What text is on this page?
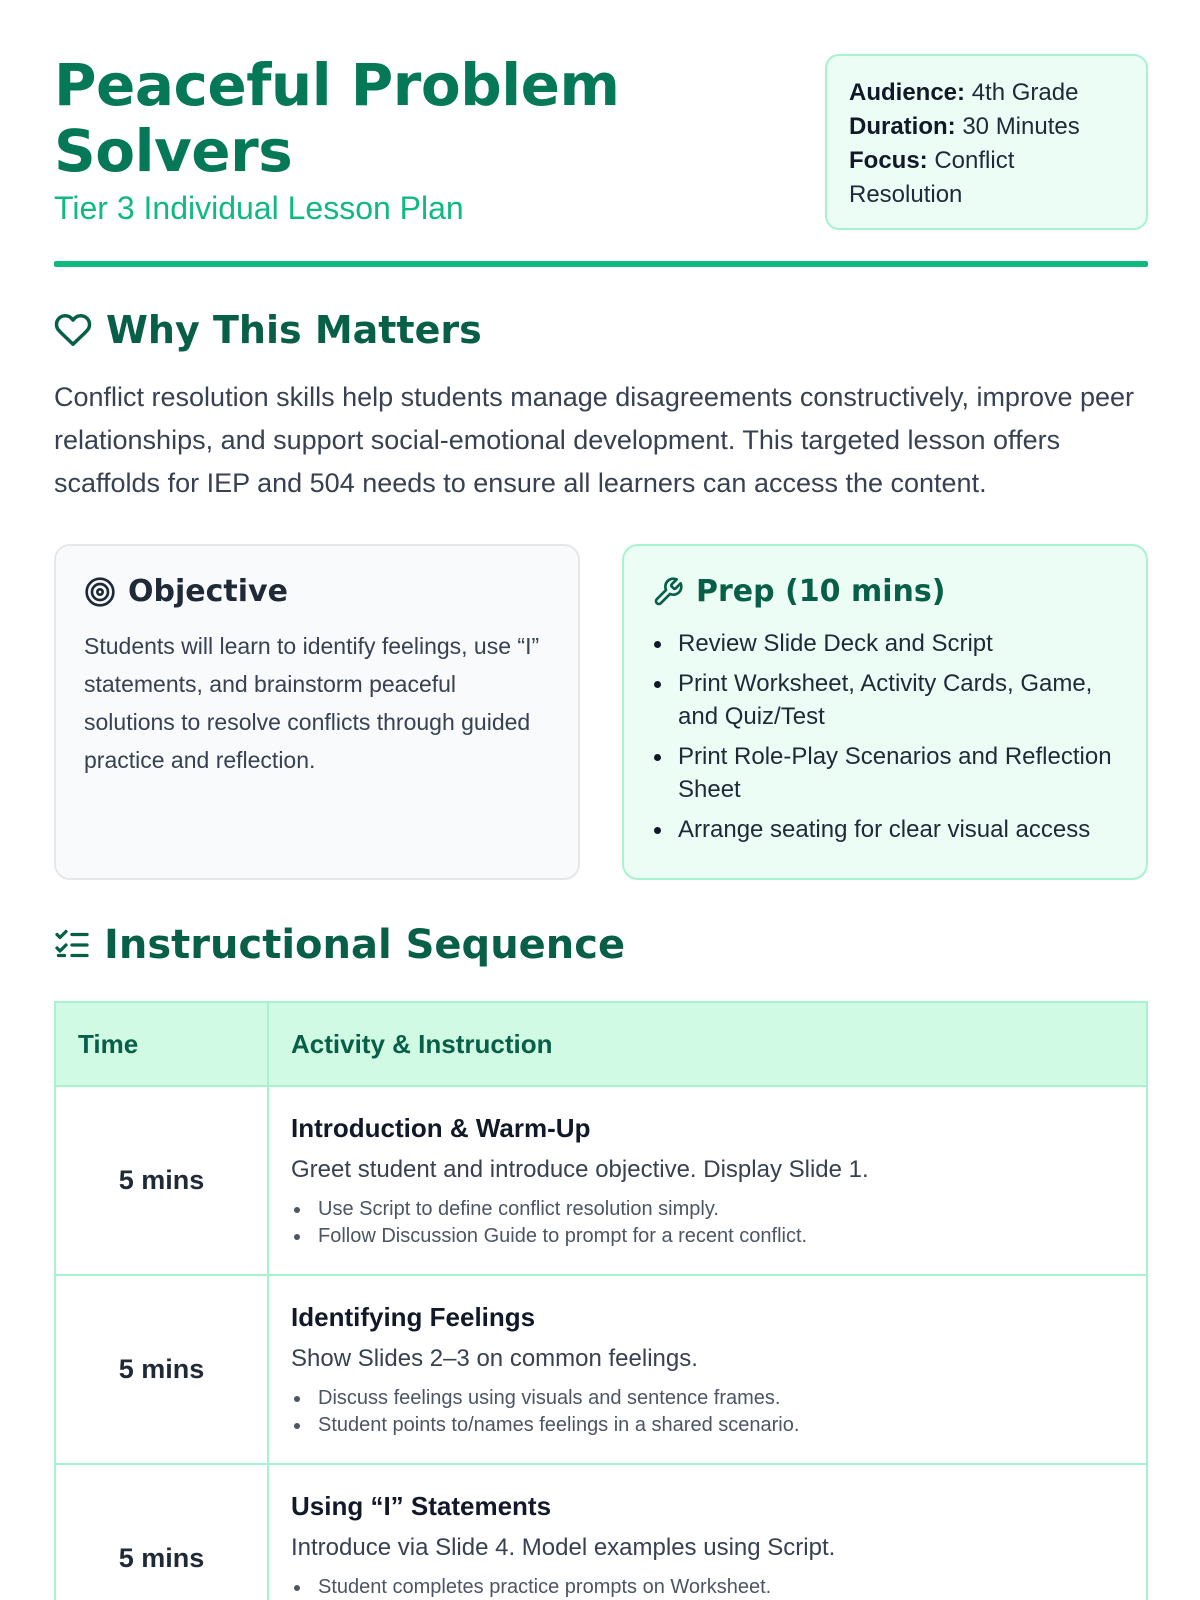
Peaceful Problem Solvers
Tier 3 Individual Lesson Plan
Audience: 4th Grade
Duration: 30 Minutes
Focus: Conflict Resolution
Why This Matters

Conflict resolution skills help students manage disagreements constructively, improve peer relationships, and support social-emotional development. This targeted lesson offers scaffolds for IEP and 504 needs to ensure all learners can access the content.

Objective

Students will learn to identify feelings, use “I” statements, and brainstorm peaceful solutions to resolve conflicts through guided practice and reflection.

Prep (10 mins)
Review Slide Deck and Script
Print Worksheet, Activity Cards, Game, and Quiz/Test
Print Role-Play Scenarios and Reflection Sheet
Arrange seating for clear visual access
Instructional Sequence
Time	Activity & Instruction
5 mins
Introduction & Warm-Up
Greet student and introduce objective. Display Slide 1.
Use Script to define conflict resolution simply.
Follow Discussion Guide to prompt for a recent conflict.
5 mins
Identifying Feelings
Show Slides 2–3 on common feelings.
Discuss feelings using visuals and sentence frames.
Student points to/names feelings in a shared scenario.
5 mins
Using “I” Statements
Introduce via Slide 4. Model examples using Script.
Student completes practice prompts on Worksheet.
